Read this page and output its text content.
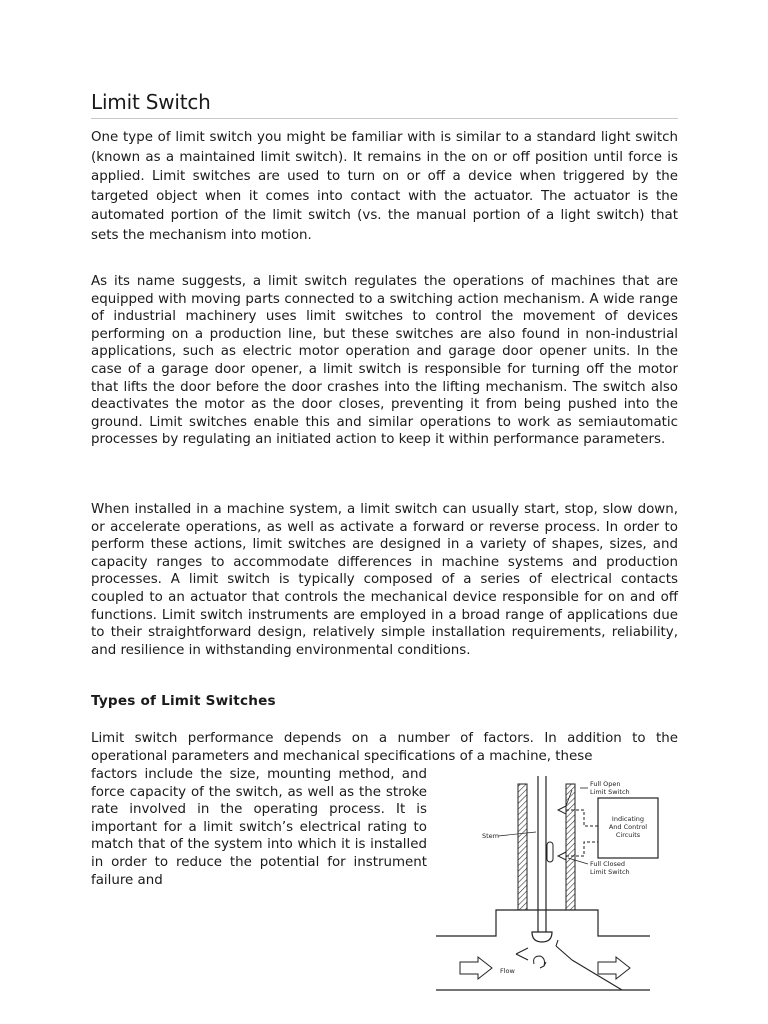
Limit Switch

One type of limit switch you might be familiar with is similar to a standard light switch (known as a maintained limit switch). It remains in the on or off position until force is applied. Limit switches are used to turn on or off a device when triggered by the targeted object when it comes into contact with the actuator. The actuator is the automated portion of the limit switch (vs. the manual portion of a light switch) that sets the mechanism into motion.

As its name suggests, a limit switch regulates the operations of machines that are equipped with moving parts connected to a switching action mechanism. A wide range of industrial machinery uses limit switches to control the movement of devices performing on a production line, but these switches are also found in non-industrial applications, such as electric motor operation and garage door opener units. In the case of a garage door opener, a limit switch is responsible for turning off the motor that lifts the door before the door crashes into the lifting mechanism. The switch also deactivates the motor as the door closes, preventing it from being pushed into the ground. Limit switches enable this and similar operations to work as semiautomatic processes by regulating an initiated action to keep it within performance parameters.

When installed in a machine system, a limit switch can usually start, stop, slow down, or accelerate operations, as well as activate a forward or reverse process. In order to perform these actions, limit switches are designed in a variety of shapes, sizes, and capacity ranges to accommodate differences in machine systems and production processes. A limit switch is typically composed of a series of electrical contacts coupled to an actuator that controls the mechanical device responsible for on and off functions. Limit switch instruments are employed in a broad range of applications due to their straightforward design, relatively simple installation requirements, reliability, and resilience in withstanding environmental conditions.

Types of Limit Switches

Limit switch performance depends on a number of factors. In addition to the operational parameters and mechanical specifications of a machine, these

factors include the size, mounting method, and force capacity of the switch, as well as the stroke rate involved in the operating process. It is important for a limit switch’s electrical rating to match that of the system into which it is installed in order to reduce the potential for instrument failure and

Full Open
Limit Switch
Indicating
And Control
Circuits
Stem
Full Closed
Limit Switch
Flow
